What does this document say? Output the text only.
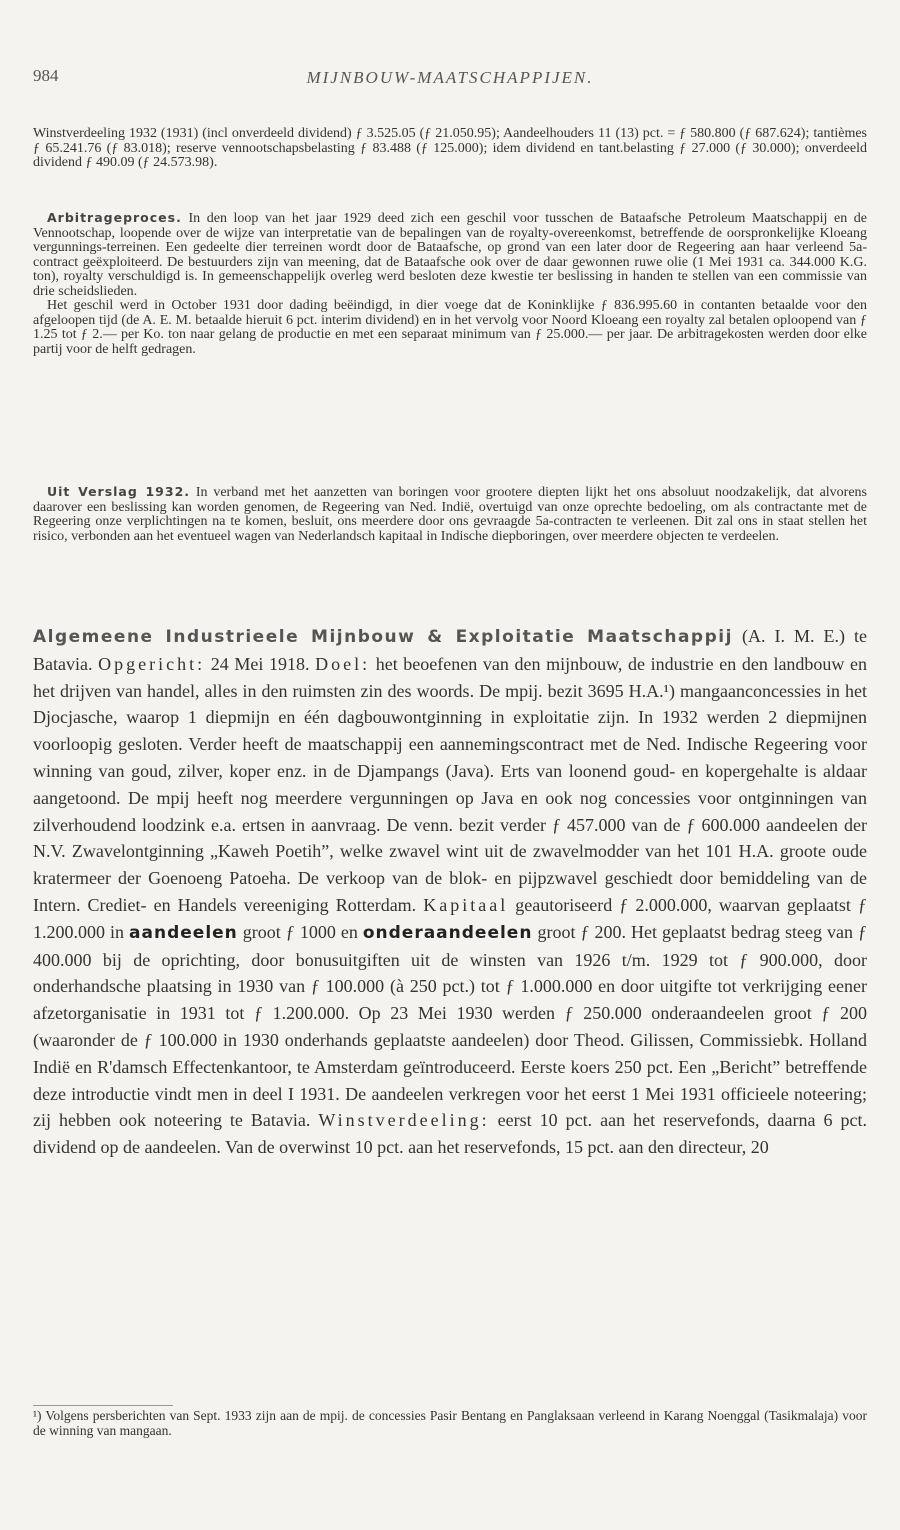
984	MIJNBOUW-MAATSCHAPPIJEN.

Winstverdeeling 1932 (1931) (incl onverdeeld dividend) ƒ 3.525.05 (ƒ 21.050.95); Aandeelhouders 11 (13) pct. = ƒ 580.800 (ƒ 687.624); tantièmes ƒ 65.241.76 (ƒ 83.018); reserve vennootschapsbelasting ƒ 83.488 (ƒ 125.000); idem dividend en tant.belasting ƒ 27.000 (ƒ 30.000); onverdeeld dividend ƒ 490.09 (ƒ 24.573.98).

Arbitrageproces. In den loop van het jaar 1929 deed zich een geschil voor tusschen de Bataafsche Petroleum Maatschappij en de Vennootschap, loopende over de wijze van interpretatie van de bepalingen van de royalty-overeenkomst, betreffende de oorspronkelijke Kloeang vergunnings-terreinen. Een gedeelte dier terreinen wordt door de Bataafsche, op grond van een later door de Regeering aan haar verleend 5a-contract geëxploiteerd. De bestuurders zijn van meening, dat de Bataafsche ook over de daar gewonnen ruwe olie (1 Mei 1931 ca. 344.000 K.G. ton), royalty verschuldigd is. In gemeenschappelijk overleg werd besloten deze kwestie ter beslissing in handen te stellen van een commissie van drie scheidslieden.

Het geschil werd in October 1931 door dading beëindigd, in dier voege dat de Koninklijke ƒ 836.995.60 in contanten betaalde voor den afgeloopen tijd (de A. E. M. betaalde hieruit 6 pct. interim dividend) en in het vervolg voor Noord Kloeang een royalty zal betalen oploopend van ƒ 1.25 tot ƒ 2.— per Ko. ton naar gelang de productie en met een separaat minimum van ƒ 25.000.— per jaar. De arbitragekosten werden door elke partij voor de helft gedragen.

Uit Verslag 1932. In verband met het aanzetten van boringen voor grootere diepten lijkt het ons absoluut noodzakelijk, dat alvorens daarover een beslissing kan worden genomen, de Regeering van Ned. Indië, overtuigd van onze oprechte bedoeling, om als contractante met de Regeering onze verplichtingen na te komen, besluit, ons meerdere door ons gevraagde 5a-contracten te verleenen. Dit zal ons in staat stellen het risico, verbonden aan het eventueel wagen van Nederlandsch kapitaal in Indische diepboringen, over meerdere objecten te verdeelen.

Algemeene Industrieele Mijnbouw & Exploitatie Maatschappij (A. I. M. E.) te Batavia. Opgericht: 24 Mei 1918. Doel: het beoefenen van den mijnbouw, de industrie en den landbouw en het drijven van handel, alles in den ruimsten zin des woords. De mpij. bezit 3695 H.A.¹) mangaanconcessies in het Djocjasche, waarop 1 diepmijn en één dagbouwontginning in exploitatie zijn. In 1932 werden 2 diepmijnen voorloopig gesloten. Verder heeft de maatschappij een aannemingscontract met de Ned. Indische Regeering voor winning van goud, zilver, koper enz. in de Djampangs (Java). Erts van loonend goud- en kopergehalte is aldaar aangetoond. De mpij heeft nog meerdere vergunningen op Java en ook nog concessies voor ontginningen van zilverhoudend loodzink e.a. ertsen in aanvraag. De venn. bezit verder ƒ 457.000 van de ƒ 600.000 aandeelen der N.V. Zwavelontginning „Kaweh Poetih”, welke zwavel wint uit de zwavelmodder van het 101 H.A. groote oude kratermeer der Goenoeng Patoeha. De verkoop van de blok- en pijpzwavel geschiedt door bemiddeling van de Intern. Crediet- en Handels vereeniging Rotterdam. Kapitaal geautoriseerd ƒ 2.000.000, waarvan geplaatst ƒ 1.200.000 in aandeelen groot ƒ 1000 en onderaandeelen groot ƒ 200. Het geplaatst bedrag steeg van ƒ 400.000 bij de oprichting, door bonusuitgiften uit de winsten van 1926 t/m. 1929 tot ƒ 900.000, door onderhandsche plaatsing in 1930 van ƒ 100.000 (à 250 pct.) tot ƒ 1.000.000 en door uitgifte tot verkrijging eener afzetorganisatie in 1931 tot ƒ 1.200.000. Op 23 Mei 1930 werden ƒ 250.000 onderaandeelen groot ƒ 200 (waaronder de ƒ 100.000 in 1930 onderhands geplaatste aandeelen) door Theod. Gilissen, Commissiebk. Holland Indië en R'damsch Effectenkantoor, te Amsterdam geïntroduceerd. Eerste koers 250 pct. Een „Bericht” betreffende deze introductie vindt men in deel I 1931. De aandeelen verkregen voor het eerst 1 Mei 1931 officieele noteering; zij hebben ook noteering te Batavia. Winstverdeeling: eerst 10 pct. aan het reservefonds, daarna 6 pct. dividend op de aandeelen. Van de overwinst 10 pct. aan het reservefonds, 15 pct. aan den directeur, 20

¹) Volgens persberichten van Sept. 1933 zijn aan de mpij. de concessies Pasir Bentang en Panglaksaan verleend in Karang Noenggal (Tasikmalaja) voor de winning van mangaan.
